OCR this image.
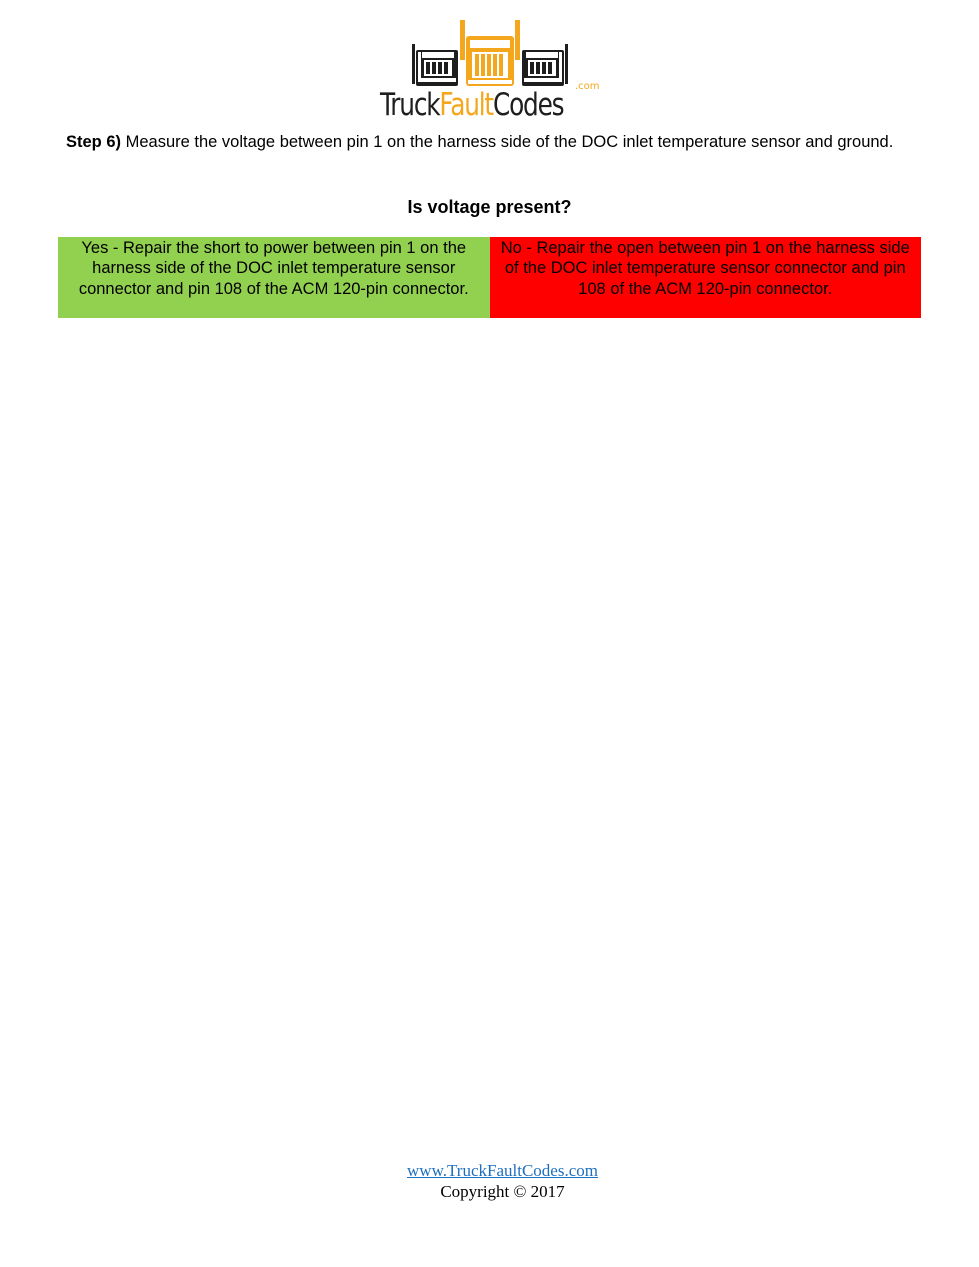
TruckFaultCodes
.com
Step 6) Measure the voltage between pin 1 on the harness side of the DOC inlet temperature sensor and ground.
Is voltage present?
Yes - Repair the short to power between pin 1 on the harness side of the DOC inlet temperature sensor connector and pin 108 of the ACM 120-pin connector.
No - Repair the open between pin 1 on the harness side of the DOC inlet temperature sensor connector and pin 108 of the ACM 120-pin connector.
www.TruckFaultCodes.com
Copyright © 2017
